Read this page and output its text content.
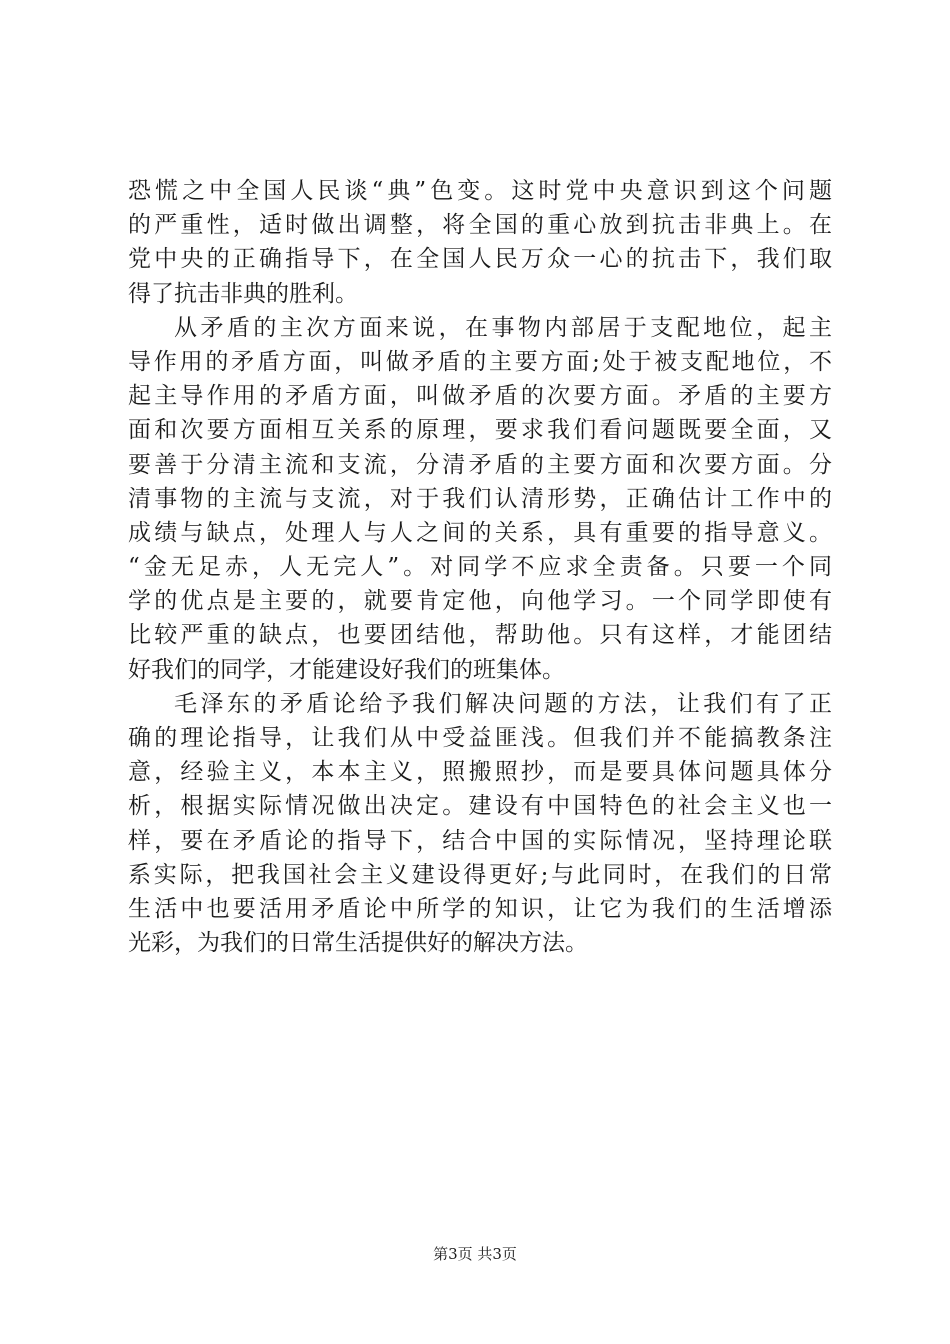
恐慌之中全国人民谈“典”色变。这时党中央意识到这个问题
的严重性，适时做出调整，将全国的重心放到抗击非典上。在
党中央的正确指导下，在全国人民万众一心的抗击下，我们取
得了抗击非典的胜利。
从矛盾的主次方面来说，在事物内部居于支配地位，起主
导作用的矛盾方面，叫做矛盾的主要方面;处于被支配地位，不
起主导作用的矛盾方面，叫做矛盾的次要方面。矛盾的主要方
面和次要方面相互关系的原理，要求我们看问题既要全面，又
要善于分清主流和支流，分清矛盾的主要方面和次要方面。分
清事物的主流与支流，对于我们认清形势，正确估计工作中的
成绩与缺点，处理人与人之间的关系，具有重要的指导意义。
“金无足赤，人无完人”。对同学不应求全责备。只要一个同
学的优点是主要的，就要肯定他，向他学习。一个同学即使有
比较严重的缺点，也要团结他，帮助他。只有这样，才能团结
好我们的同学，才能建设好我们的班集体。
毛泽东的矛盾论给予我们解决问题的方法，让我们有了正
确的理论指导，让我们从中受益匪浅。但我们并不能搞教条注
意，经验主义，本本主义，照搬照抄，而是要具体问题具体分
析，根据实际情况做出决定。建设有中国特色的社会主义也一
样，要在矛盾论的指导下，结合中国的实际情况，坚持理论联
系实际，把我国社会主义建设得更好;与此同时，在我们的日常
生活中也要活用矛盾论中所学的知识，让它为我们的生活增添
光彩，为我们的日常生活提供好的解决方法。
第3页 共3页
